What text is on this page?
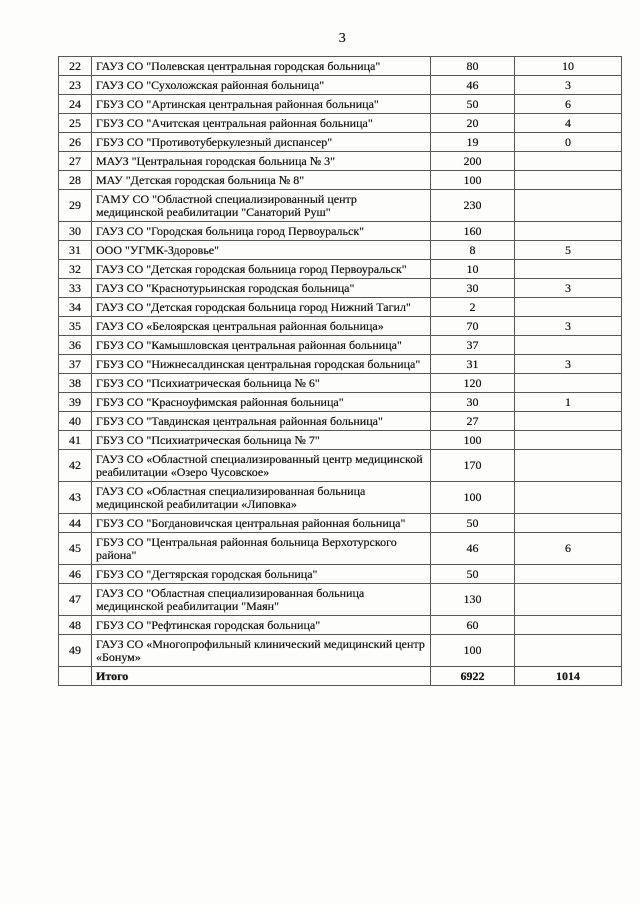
3
22	ГАУЗ СО "Полевская центральная городская больница"	80	10
23	ГАУЗ СО "Сухоложская районная больница"	46	3
24	ГБУЗ СО "Артинская центральная районная больница"	50	6
25	ГБУЗ СО "Ачитская центральная районная больница"	20	4
26	ГБУЗ СО "Противотуберкулезный диспансер"	19	0
27	МАУЗ "Центральная городская больница № 3"	200	
28	МАУ "Детская городская больница № 8"	100	
29	ГАМУ СО "Областной специализированный центр медицинской реабилитации "Санаторий Руш"	230	
30	ГАУЗ СО "Городская больница город Первоуральск"	160	
31	ООО "УГМК-Здоровье"	8	5
32	ГАУЗ СО "Детская городская больница город Первоуральск"	10	
33	ГАУЗ СО "Краснотурьинская городская больница"	30	3
34	ГАУЗ СО "Детская городская больница город Нижний Тагил"	2	
35	ГАУЗ СО «Белоярская центральная районная больница»	70	3
36	ГБУЗ СО "Камышловская центральная районная больница"	37	
37	ГБУЗ СО "Нижнесалдинская центральная городская больница"	31	3
38	ГБУЗ СО "Психиатрическая больница № 6"	120	
39	ГБУЗ СО "Красноуфимская районная больница"	30	1
40	ГБУЗ СО "Тавдинская центральная районная больница"	27	
41	ГБУЗ СО "Психиатрическая больница № 7"	100	
42	ГАУЗ СО «Областной специализированный центр медицинской реабилитации «Озеро Чусовское»	170	
43	ГАУЗ СО «Областная специализированная больница медицинской реабилитации «Липовка»	100	
44	ГБУЗ СО "Богдановичская центральная районная больница"	50	
45	ГБУЗ СО "Центральная районная больница Верхотурского района"	46	6
46	ГБУЗ СО "Дегтярская городская больница"	50	
47	ГАУЗ СО "Областная специализированная больница медицинской реабилитации "Маян"	130	
48	ГБУЗ СО "Рефтинская городская больница"	60	
49	ГАУЗ СО «Многопрофильный клинический медицинский центр «Бонум»	100	
	Итого	6922	1014
